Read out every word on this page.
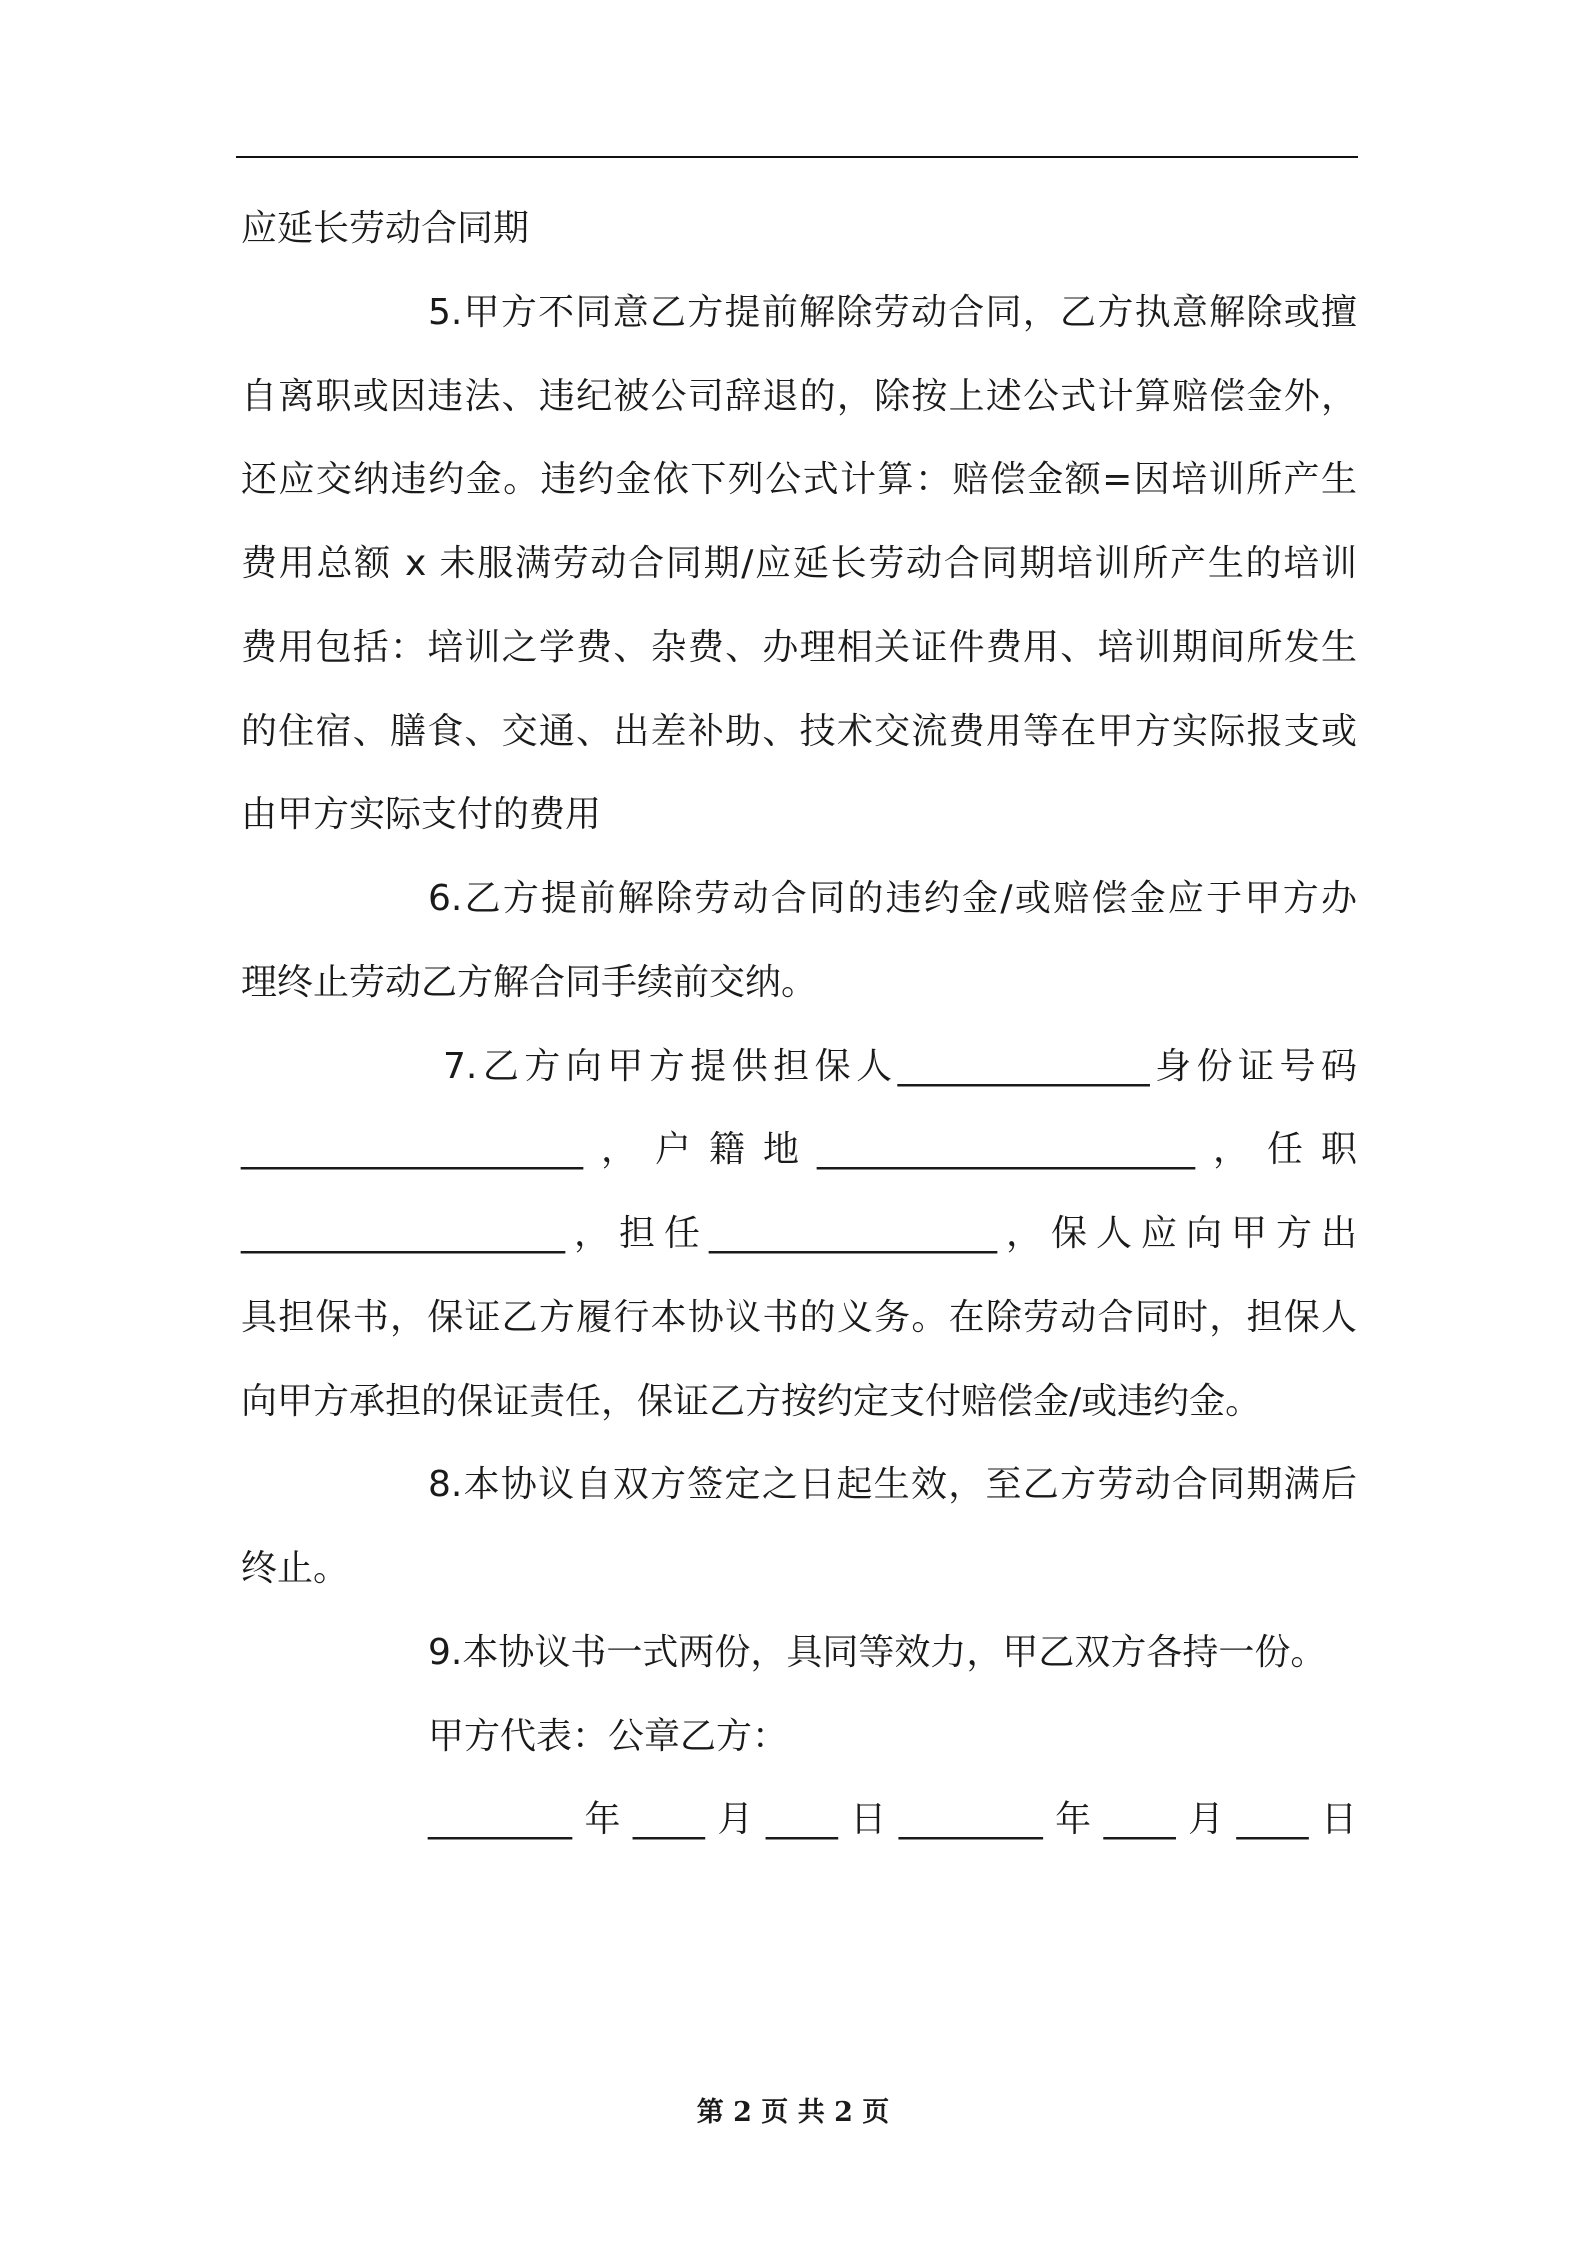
应延长劳动合同期
5.甲方不同意乙方提前解除劳动合同，乙方执意解除或擅
自离职或因违法、违纪被公司辞退的，除按上述公式计算赔偿金外，
还应交纳违约金。违约金依下列公式计算：赔偿金额=因培训所产生
费用总额 x 未服满劳动合同期/应延长劳动合同期培训所产生的培训
费用包括：培训之学费、杂费、办理相关证件费用、培训期间所发生
的住宿、膳食、交通、出差补助、技术交流费用等在甲方实际报支或
由甲方实际支付的费用
6.乙方提前解除劳动合同的违约金/或赔偿金应于甲方办
理终止劳动乙方解合同手续前交纳。
7.乙方向甲方提供担保人______________身份证号码
___________________，户籍地_____________________，任职
__________________，担任________________，保人应向甲方出
具担保书，保证乙方履行本协议书的义务。在除劳动合同时，担保人
向甲方承担的保证责任，保证乙方按约定支付赔偿金/或违约金。
8.本协议自双方签定之日起生效，至乙方劳动合同期满后
终止。
9.本协议书一式两份，具同等效力，甲乙双方各持一份。
甲方代表：公章乙方：
________年____月____日________年____月____日
第 2 页 共 2 页
